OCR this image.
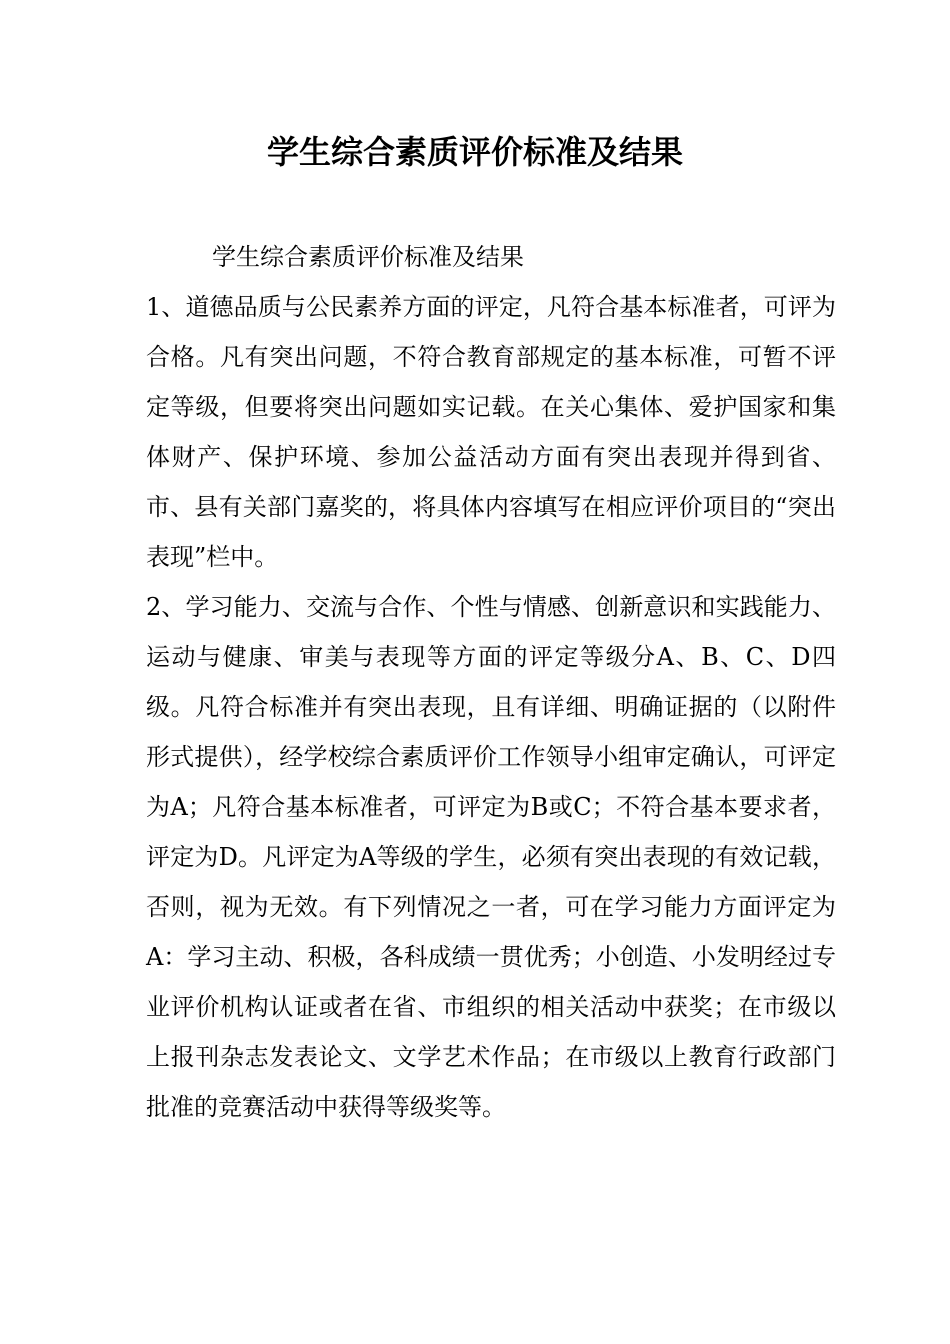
学生综合素质评价标准及结果

学生综合素质评价标准及结果

1、道德品质与公民素养方面的评定，凡符合基本标准者，可评为合格。凡有突出问题，不符合教育部规定的基本标准，可暂不评定等级，但要将突出问题如实记载。在关心集体、爱护国家和集体财产、保护环境、参加公益活动方面有突出表现并得到省、市、县有关部门嘉奖的，将具体内容填写在相应评价项目的“突出表现”栏中。

2、学习能力、交流与合作、个性与情感、创新意识和实践能力、运动与健康、审美与表现等方面的评定等级分A、B、C、D四级。凡符合标准并有突出表现，且有详细、明确证据的（以附件形式提供），经学校综合素质评价工作领导小组审定确认，可评定为A；凡符合基本标准者，可评定为B或C；不符合基本要求者，评定为D。凡评定为A等级的学生，必须有突出表现的有效记载，否则，视为无效。有下列情况之一者，可在学习能力方面评定为A：学习主动、积极，各科成绩一贯优秀；小创造、小发明经过专业评价机构认证或者在省、市组织的相关活动中获奖；在市级以上报刊杂志发表论文、文学艺术作品；在市级以上教育行政部门批准的竞赛活动中获得等级奖等。
